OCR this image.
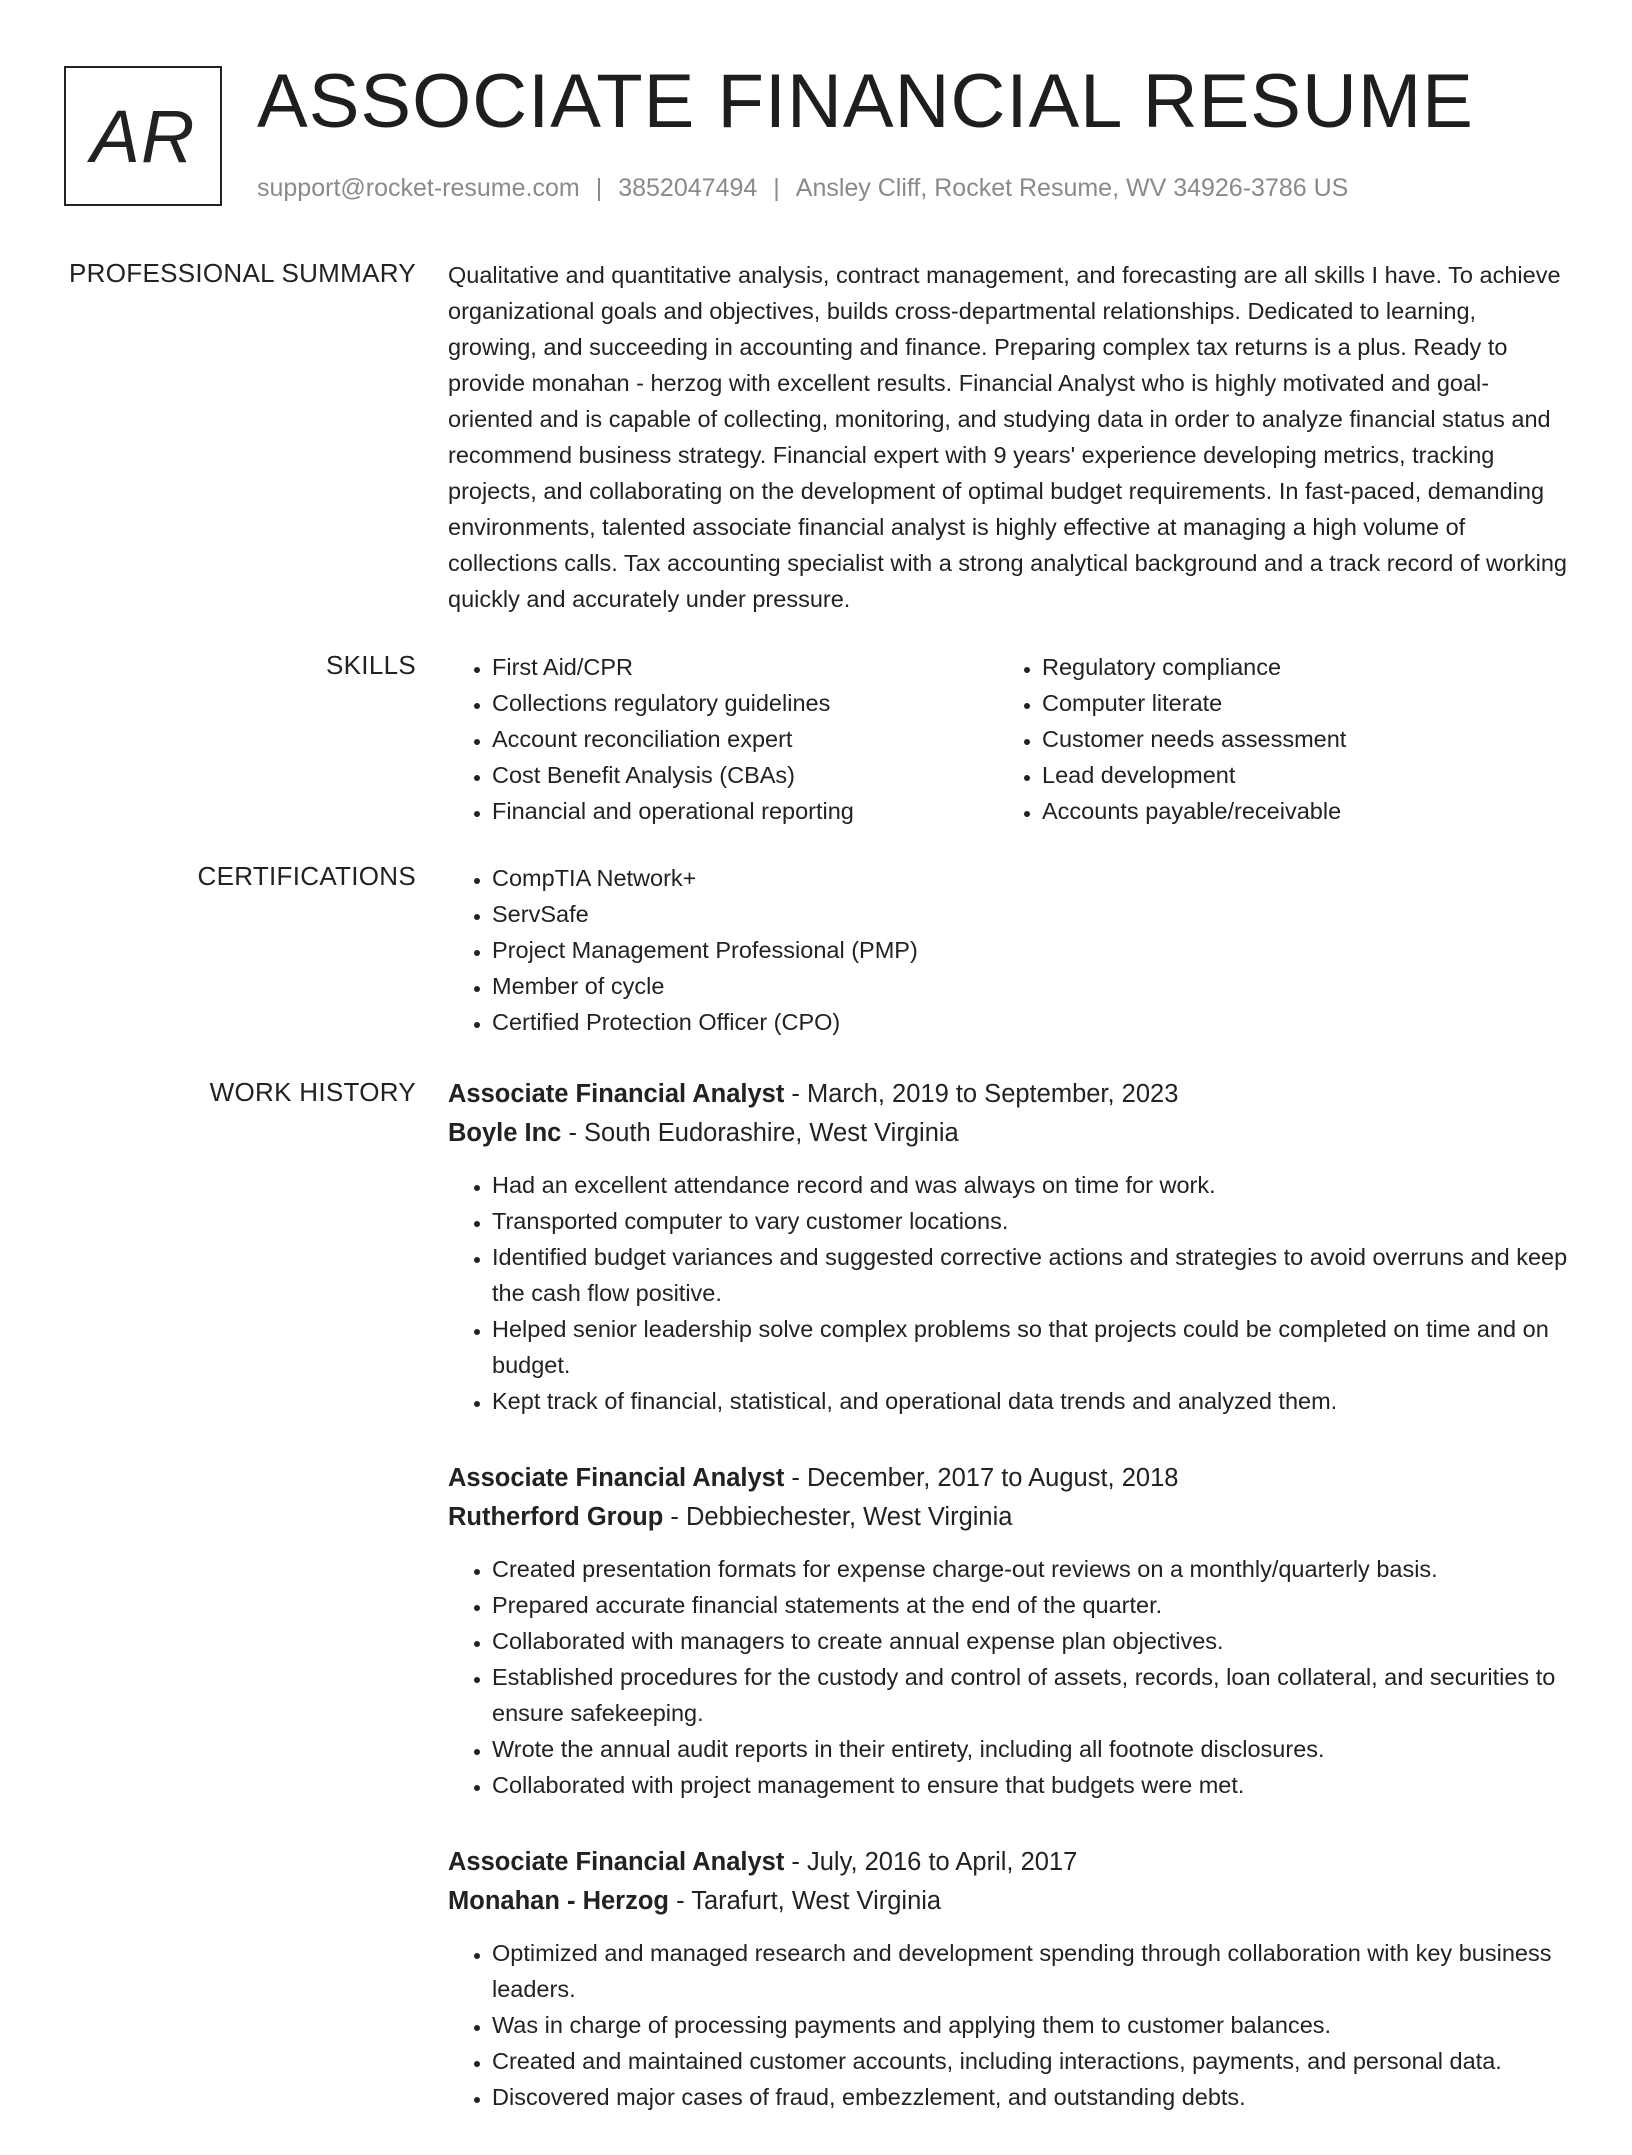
AR ASSOCIATE FINANCIAL RESUME
support@rocket-resume.com | 3852047494 | Ansley Cliff, Rocket Resume, WV 34926-3786 US
PROFESSIONAL SUMMARY Qualitative and quantitative analysis, contract management, and forecasting are all skills I have. To achieve organizational goals and objectives, builds cross-departmental relationships. Dedicated to learning, growing, and succeeding in accounting and finance. Preparing complex tax returns is a plus. Ready to provide monahan - herzog with excellent results. Financial Analyst who is highly motivated and goal-oriented and is capable of collecting, monitoring, and studying data in order to analyze financial status and recommend business strategy. Financial expert with 9 years' experience developing metrics, tracking projects, and collaborating on the development of optimal budget requirements. In fast-paced, demanding environments, talented associate financial analyst is highly effective at managing a high volume of collections calls. Tax accounting specialist with a strong analytical background and a track record of working quickly and accurately under pressure.

SKILLS	• First Aid/CPR
• Collections regulatory guidelines
• Account reconciliation expert
• Cost Benefit Analysis (CBAs)
• Financial and operational reporting
• Regulatory compliance
• Computer literate
• Customer needs assessment
• Lead development
• Accounts payable/receivable
CERTIFICATIONS	• CompTIA Network+
• ServSafe
• Project Management Professional (PMP)
• Member of cycle
• Certified Protection Officer (CPO)
WORK HISTORY Associate Financial Analyst - March, 2019 to September, 2023
Boyle Inc - South Eudorashire, West Virginia
• Had an excellent attendance record and was always on time for work.
• Transported computer to vary customer locations.
• Identified budget variances and suggested corrective actions and strategies to avoid overruns and keep the cash flow positive.
• Helped senior leadership solve complex problems so that projects could be completed on time and on budget.
• Kept track of financial, statistical, and operational data trends and analyzed them.
Associate Financial Analyst - December, 2017 to August, 2018
Rutherford Group - Debbiechester, West Virginia
• Created presentation formats for expense charge-out reviews on a monthly/quarterly basis.
• Prepared accurate financial statements at the end of the quarter.
• Collaborated with managers to create annual expense plan objectives.
• Established procedures for the custody and control of assets, records, loan collateral, and securities to ensure safekeeping.
• Wrote the annual audit reports in their entirety, including all footnote disclosures.
• Collaborated with project management to ensure that budgets were met.
Associate Financial Analyst - July, 2016 to April, 2017
Monahan - Herzog - Tarafurt, West Virginia
• Optimized and managed research and development spending through collaboration with key business leaders.
• Was in charge of processing payments and applying them to customer balances.
• Created and maintained customer accounts, including interactions, payments, and personal data.
• Discovered major cases of fraud, embezzlement, and outstanding debts.
